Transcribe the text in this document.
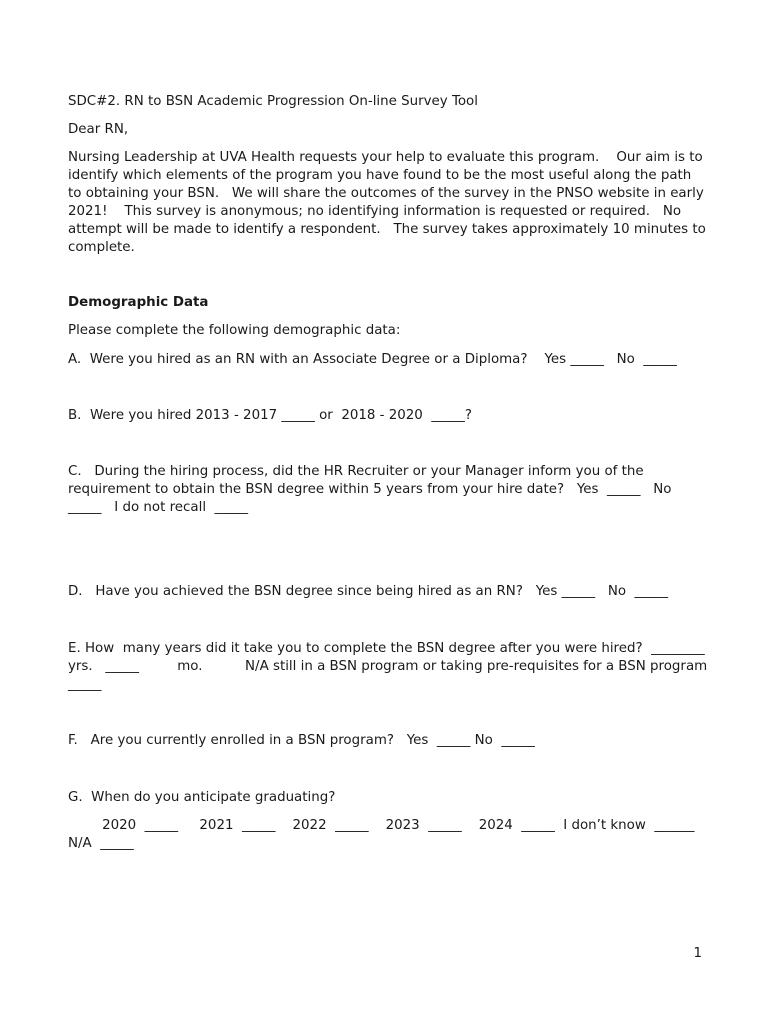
SDC#2. RN to BSN Academic Progression On-line Survey Tool

Dear RN,

Nursing Leadership at UVA Health requests your help to evaluate this program.    Our aim is to identify which elements of the program you have found to be the most useful along the path to obtaining your BSN.   We will share the outcomes of the survey in the PNSO website in early 2021!    This survey is anonymous; no identifying information is requested or required.   No attempt will be made to identify a respondent.   The survey takes approximately 10 minutes to complete.

Demographic Data

Please complete the following demographic data:

A.  Were you hired as an RN with an Associate Degree or a Diploma?    Yes _____   No  _____

B.  Were you hired 2013 - 2017 _____ or  2018 - 2020  _____?

C.   During the hiring process, did the HR Recruiter or your Manager inform you of the requirement to obtain the BSN degree within 5 years from your hire date?   Yes  _____   No  _____   I do not recall  _____

D.   Have you achieved the BSN degree since being hired as an RN?   Yes _____   No  _____

E. How  many years did it take you to complete the BSN degree after you were hired?  ________ yrs.   _____         mo.          N/A still in a BSN program or taking pre-requisites for a BSN program  _____

F.   Are you currently enrolled in a BSN program?   Yes  _____ No  _____

G.  When do you anticipate graduating?

2020  _____     2021  _____    2022  _____    2023  _____    2024  _____  I don’t know  ______  N/A  _____

1
